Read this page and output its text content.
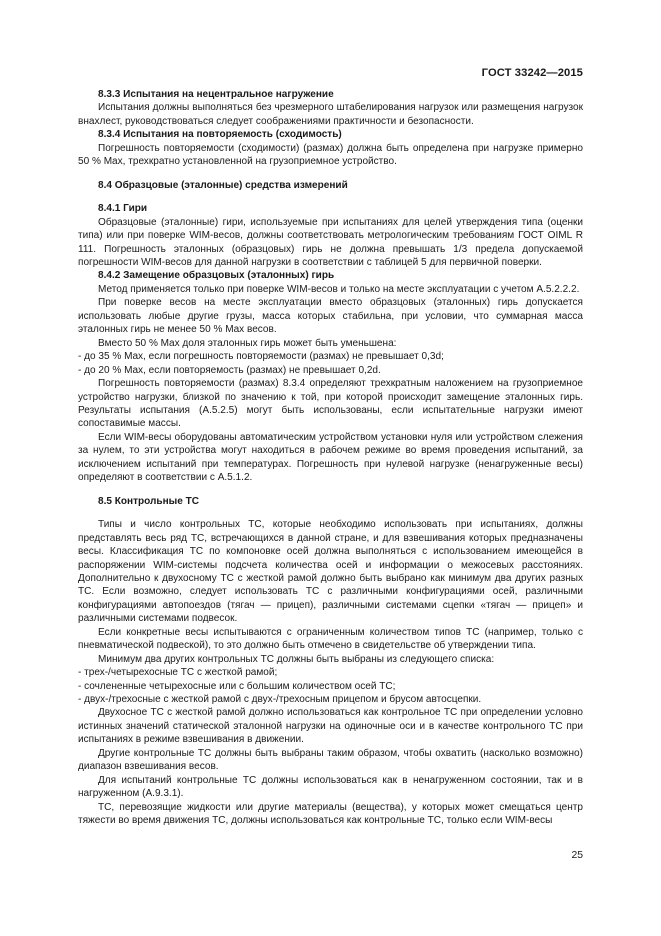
ГОСТ 33242—2015

8.3.3 Испытания на нецентральное нагружение

Испытания должны выполняться без чрезмерного штабелирования нагрузок или размещения нагрузок внахлест, руководствоваться следует соображениями практичности и безопасности.

8.3.4 Испытания на повторяемость (сходимость)

Погрешность повторяемости (сходимости) (размах) должна быть определена при нагрузке примерно 50 % Max, трехкратно установленной на грузоприемное устройство.

8.4 Образцовые (эталонные) средства измерений

8.4.1 Гири

Образцовые (эталонные) гири, используемые при испытаниях для целей утверждения типа (оценки типа) или при поверке WIM-весов, должны соответствовать метрологическим требованиям ГОСТ OIML R 111. Погрешность эталонных (образцовых) гирь не должна превышать 1/3 предела допускаемой погрешности WIM-весов для данной нагрузки в соответствии с таблицей 5 для первичной поверки.

8.4.2 Замещение образцовых (эталонных) гирь

Метод применяется только при поверке WIM-весов и только на месте эксплуатации с учетом А.5.2.2.2.

При поверке весов на месте эксплуатации вместо образцовых (эталонных) гирь допускается использовать любые другие грузы, масса которых стабильна, при условии, что суммарная масса эталонных гирь не менее 50 % Max весов.

Вместо 50 % Max доля эталонных гирь может быть уменьшена:

- до 35 % Max, если погрешность повторяемости (размах) не превышает 0,3d;

- до 20 % Max, если повторяемость (размах) не превышает 0,2d.

Погрешность повторяемости (размах) 8.3.4 определяют трехкратным наложением на грузоприемное устройство нагрузки, близкой по значению к той, при которой происходит замещение эталонных гирь. Результаты испытания (А.5.2.5) могут быть использованы, если испытательные нагрузки имеют сопоставимые массы.

Если WIM-весы оборудованы автоматическим устройством установки нуля или устройством слежения за нулем, то эти устройства могут находиться в рабочем режиме во время проведения испытаний, за исключением испытаний при температурах. Погрешность при нулевой нагрузке (ненагруженные весы) определяют в соответствии с А.5.1.2.

8.5 Контрольные ТС

Типы и число контрольных ТС, которые необходимо использовать при испытаниях, должны представлять весь ряд ТС, встречающихся в данной стране, и для взвешивания которых предназначены весы. Классификация ТС по компоновке осей должна выполняться с использованием имеющейся в распоряжении WIM-системы подсчета количества осей и информации о межосевых расстояниях. Дополнительно к двухосному ТС с жесткой рамой должно быть выбрано как минимум два других разных ТС. Если возможно, следует использовать ТС с различными конфигурациями осей, различными конфигурациями автопоездов (тягач — прицеп), различными системами сцепки «тягач — прицеп» и различными системами подвесок.

Если конкретные весы испытываются с ограниченным количеством типов ТС (например, только с пневматической подвеской), то это должно быть отмечено в свидетельстве об утверждении типа.

Минимум два других контрольных ТС должны быть выбраны из следующего списка:

- трех-/четырехосные ТС с жесткой рамой;

- сочлененные четырехосные или с большим количеством осей ТС;

- двух-/трехосные с жесткой рамой с двух-/трехосным прицепом и брусом автосцепки.

Двухосное ТС с жесткой рамой должно использоваться как контрольное ТС при определении условно истинных значений статической эталонной нагрузки на одиночные оси и в качестве контрольного ТС при испытаниях в режиме взвешивания в движении.

Другие контрольные ТС должны быть выбраны таким образом, чтобы охватить (насколько возможно) диапазон взвешивания весов.

Для испытаний контрольные ТС должны использоваться как в ненагруженном состоянии, так и в нагруженном (А.9.3.1).

ТС, перевозящие жидкости или другие материалы (вещества), у которых может смещаться центр тяжести во время движения ТС, должны использоваться как контрольные ТС, только если WIM-весы

25
